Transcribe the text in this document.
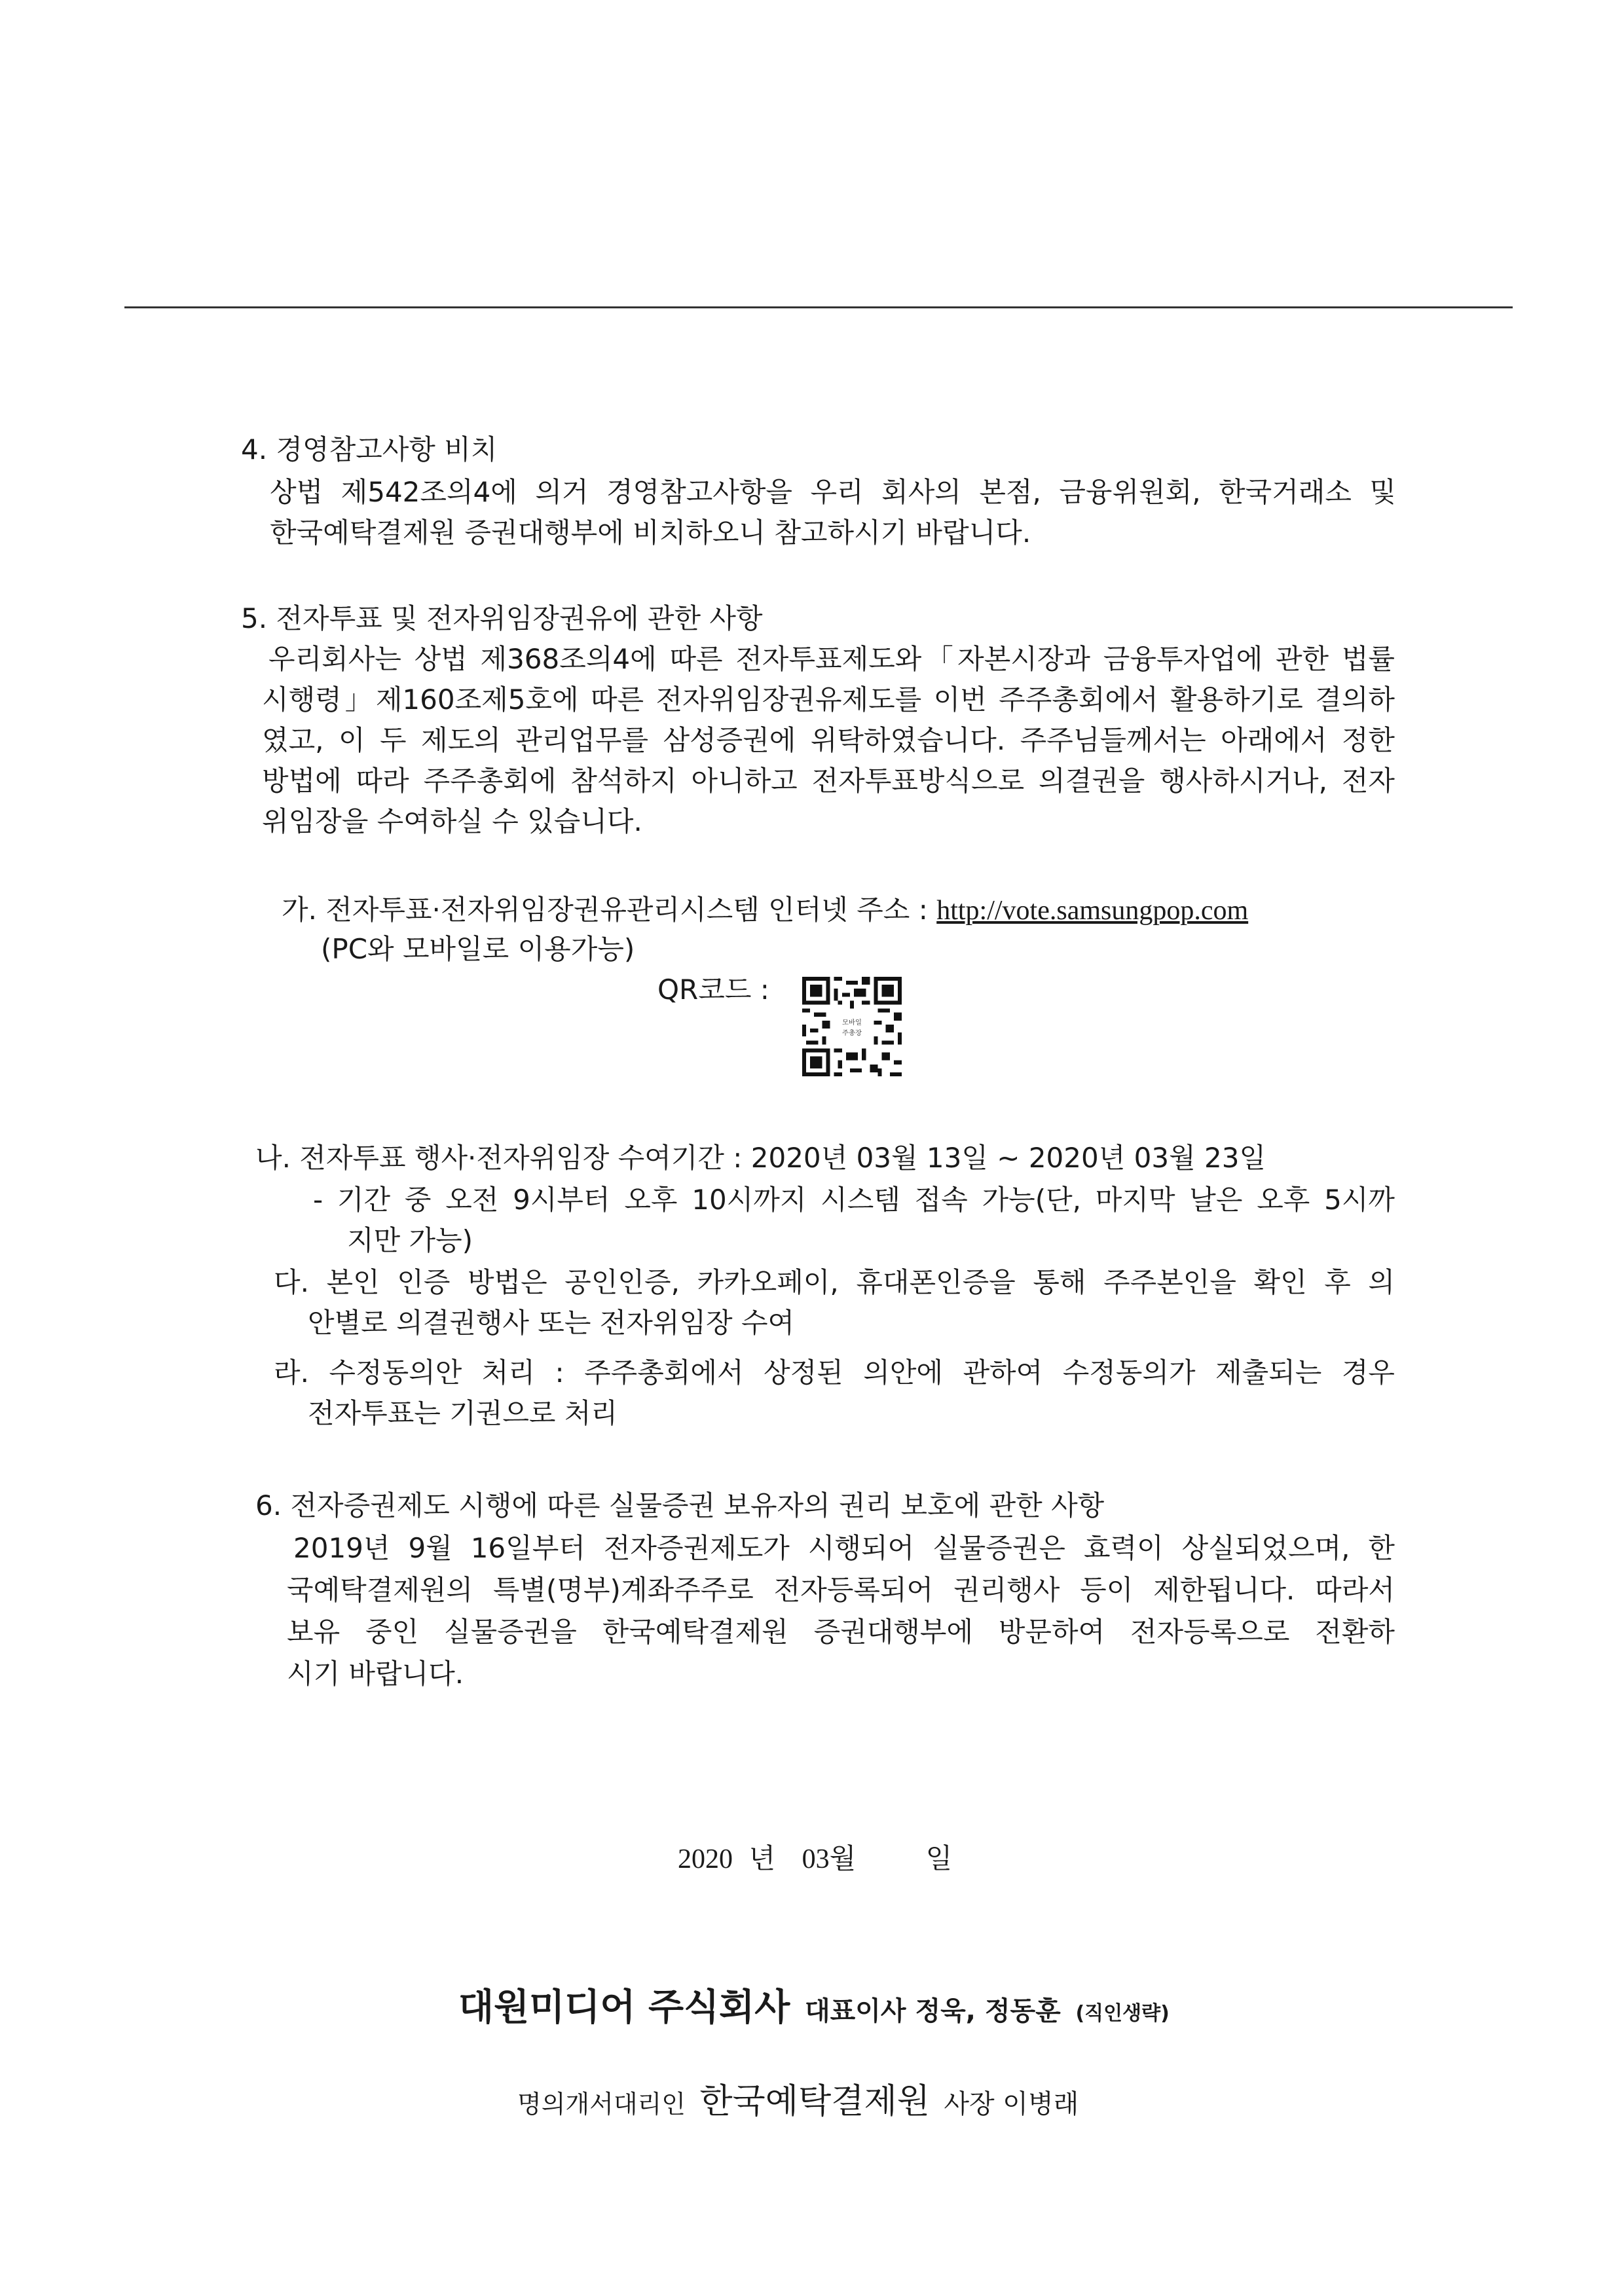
4. 경영참고사항 비치
상법 제542조의4에 의거 경영참고사항을 우리 회사의 본점, 금융위원회, 한국거래소 및
한국예탁결제원 증권대행부에 비치하오니 참고하시기 바랍니다.
5. 전자투표 및 전자위임장권유에 관한 사항
우리회사는 상법 제368조의4에 따른 전자투표제도와「자본시장과 금융투자업에 관한 법률
시행령」제160조제5호에 따른 전자위임장권유제도를 이번 주주총회에서 활용하기로 결의하
였고, 이 두 제도의 관리업무를 삼성증권에 위탁하였습니다. 주주님들께서는 아래에서 정한
방법에 따라 주주총회에 참석하지 아니하고 전자투표방식으로 의결권을 행사하시거나, 전자
위임장을 수여하실 수 있습니다.
가. 전자투표·전자위임장권유관리시스템 인터넷 주소 : http://vote.samsungpop.com
(PC와 모바일로 이용가능)
QR코드 :
모바일
주총장
나. 전자투표 행사·전자위임장 수여기간 : 2020년 03월 13일 ~ 2020년 03월 23일
- 기간 중 오전 9시부터 오후 10시까지 시스템 접속 가능(단, 마지막 날은 오후 5시까
지만 가능)
다. 본인 인증 방법은 공인인증, 카카오페이, 휴대폰인증을 통해 주주본인을 확인 후 의
안별로 의결권행사 또는 전자위임장 수여
라. 수정동의안 처리 : 주주총회에서 상정된 의안에 관하여 수정동의가 제출되는 경우
전자투표는 기권으로 처리
6. 전자증권제도 시행에 따른 실물증권 보유자의 권리 보호에 관한 사항
2019년 9월 16일부터 전자증권제도가 시행되어 실물증권은 효력이 상실되었으며, 한
국예탁결제원의 특별(명부)계좌주주로 전자등록되어 권리행사 등이 제한됩니다. 따라서
보유 중인 실물증권을 한국예탁결제원 증권대행부에 방문하여 전자등록으로 전환하
시기 바랍니다.
2020 년 03월	일
대원미디어 주식회사 대표이사 정욱, 정동훈 (직인생략)
명의개서대리인 한국예탁결제원 사장 이병래
